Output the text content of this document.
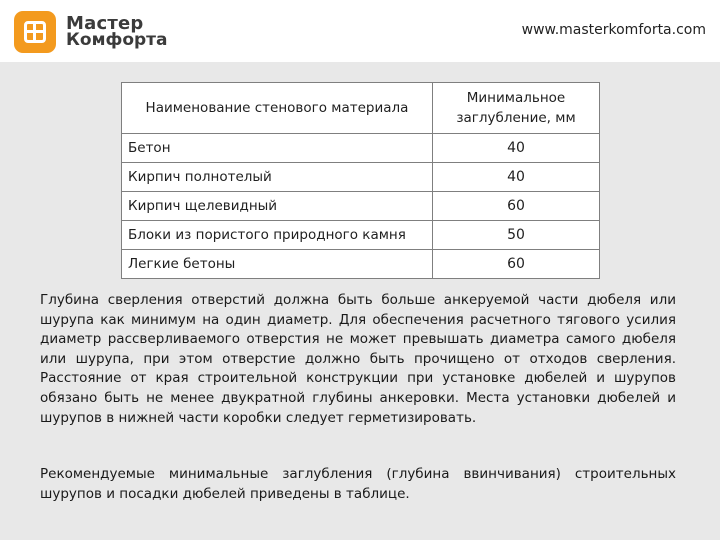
Мастер
Комфорта	www.masterkomforta.com
Наименование стенового материала	Минимальное заглубление, мм
Бетон	40
Кирпич полнотелый	40
Кирпич щелевидный	60
Блоки из пористого природного камня	50
Легкие бетоны	60

Глубина сверления отверстий должна быть больше анкеруемой части дюбеля или шурупа как минимум на один диаметр. Для обеспечения расчетного тягового усилия диаметр рассверливаемого отверстия не может превышать диаметра самого дюбеля или шурупа, при этом отверстие должно быть прочищено от отходов сверления. Расстояние от края строительной конструкции при установке дюбелей и шурупов обязано быть не менее двукратной глубины анкеровки. Места установки дюбелей и шурупов в нижней части коробки следует герметизировать.

Рекомендуемые минимальные заглубления (глубина ввинчивания) строительных шурупов и посадки дюбелей приведены в таблице.
